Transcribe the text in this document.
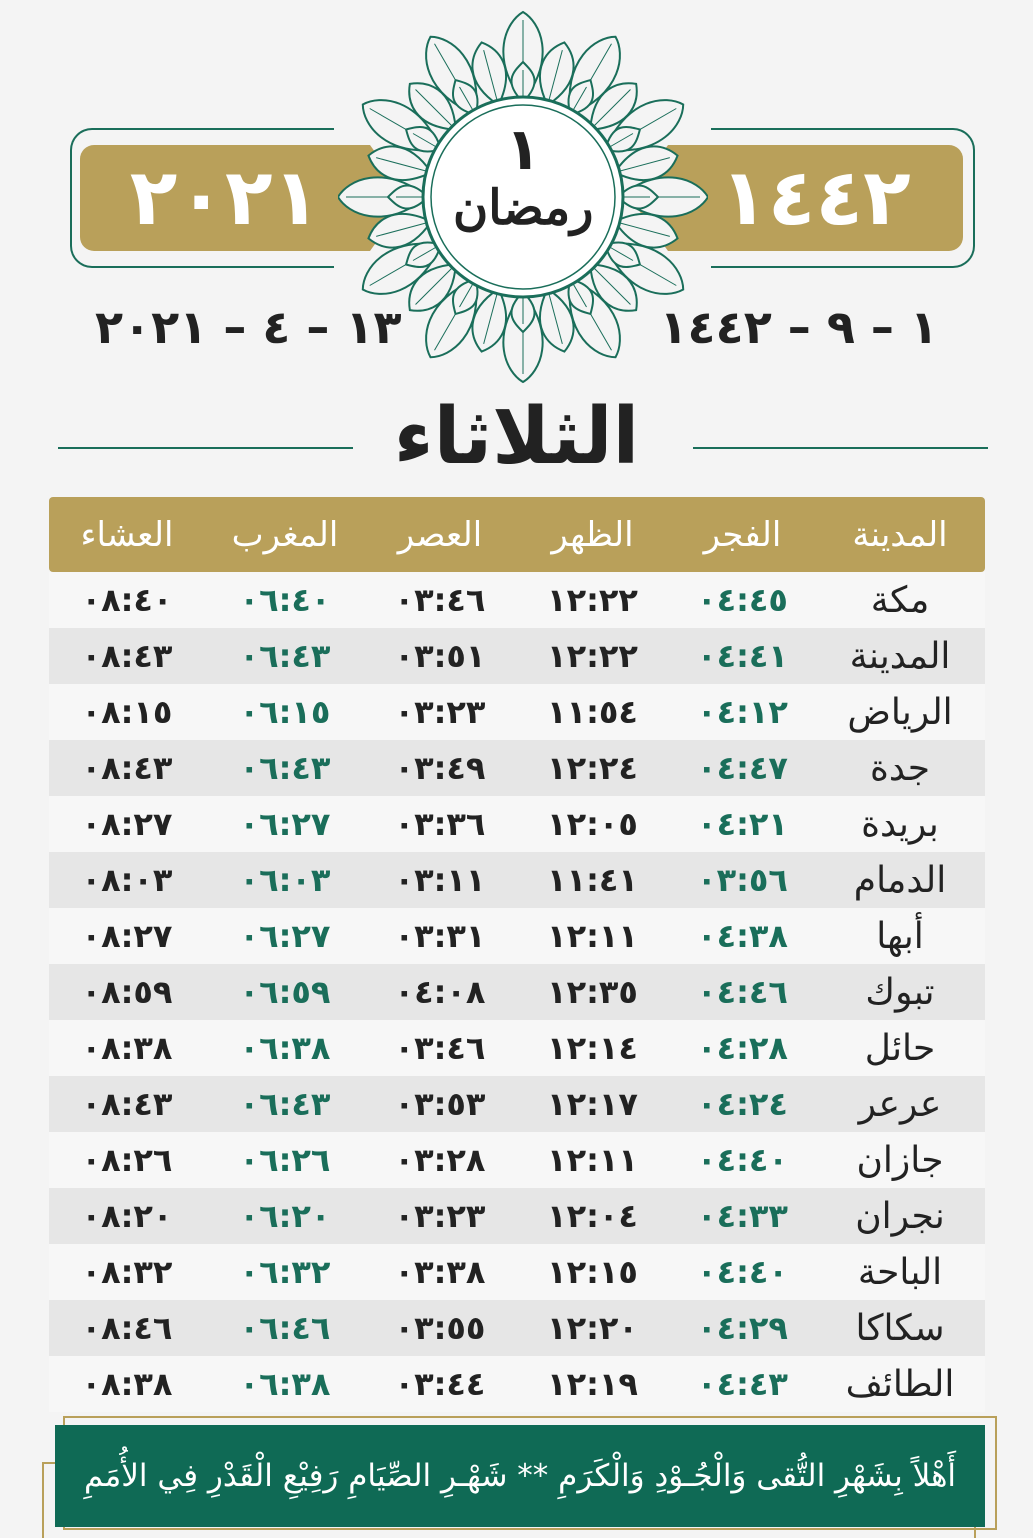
٢٠٢١	١٤٤٢
١
رمضان
١٣ – ٤ – ٢٠٢١	١ – ٩ – ١٤٤٢
الثلاثاء
المدينة
الفجر
الظهر
العصر
المغرب
العشاء
مكة
٠٤:٤٥
١٢:٢٢
٠٣:٤٦
٠٦:٤٠
٠٨:٤٠
المدينة
٠٤:٤١
١٢:٢٢
٠٣:٥١
٠٦:٤٣
٠٨:٤٣
الرياض
٠٤:١٢
١١:٥٤
٠٣:٢٣
٠٦:١٥
٠٨:١٥
جدة
٠٤:٤٧
١٢:٢٤
٠٣:٤٩
٠٦:٤٣
٠٨:٤٣
بريدة
٠٤:٢١
١٢:٠٥
٠٣:٣٦
٠٦:٢٧
٠٨:٢٧
الدمام
٠٣:٥٦
١١:٤١
٠٣:١١
٠٦:٠٣
٠٨:٠٣
أبها
٠٤:٣٨
١٢:١١
٠٣:٣١
٠٦:٢٧
٠٨:٢٧
تبوك
٠٤:٤٦
١٢:٣٥
٠٤:٠٨
٠٦:٥٩
٠٨:٥٩
حائل
٠٤:٢٨
١٢:١٤
٠٣:٤٦
٠٦:٣٨
٠٨:٣٨
عرعر
٠٤:٢٤
١٢:١٧
٠٣:٥٣
٠٦:٤٣
٠٨:٤٣
جازان
٠٤:٤٠
١٢:١١
٠٣:٢٨
٠٦:٢٦
٠٨:٢٦
نجران
٠٤:٣٣
١٢:٠٤
٠٣:٢٣
٠٦:٢٠
٠٨:٢٠
الباحة
٠٤:٤٠
١٢:١٥
٠٣:٣٨
٠٦:٣٢
٠٨:٣٢
سكاكا
٠٤:٢٩
١٢:٢٠
٠٣:٥٥
٠٦:٤٦
٠٨:٤٦
الطائف
٠٤:٤٣
١٢:١٩
٠٣:٤٤
٠٦:٣٨
٠٨:٣٨
أَهْلاً بِشَهْرِ التُّقى وَالْجُـوْدِ وَالْكَرَمِ ** شَهْـرِ الصِّيَامِ رَفِيْعِ الْقَدْرِ فِي الأُمَمِ
